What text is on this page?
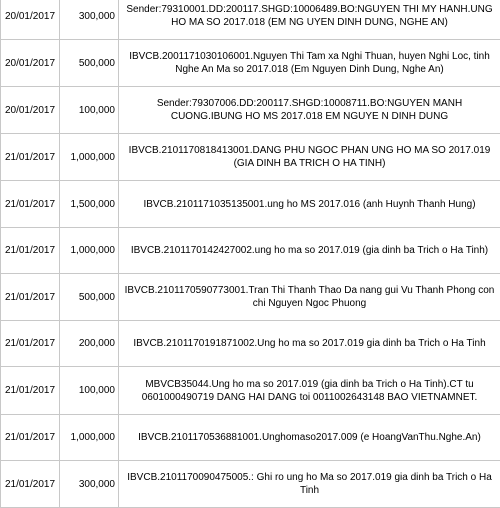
20/01/2017	300,000	Sender:79310001.DD:200117.SHGD:10006489.BO:NGUYEN THI MY HANH.UNG HO MA SO 2017.018 (EM NG UYEN DINH DUNG, NGHE AN)
20/01/2017	500,000	IBVCB.2001171030106001.Nguyen Thi Tam xa Nghi Thuan, huyen Nghi Loc, tinh Nghe An Ma so 2017.018 (Em Nguyen Dinh Dung, Nghe An)
20/01/2017	100,000	Sender:79307006.DD:200117.SHGD:10008711.BO:NGUYEN MANH CUONG.IBUNG HO MS 2017.018 EM NGUYE N DINH DUNG
21/01/2017	1,000,000	IBVCB.2101170818413001.DANG PHU NGOC PHAN UNG HO MA SO 2017.019 (GIA DINH BA TRICH O HA TINH)
21/01/2017	1,500,000	IBVCB.2101171035135001.ung ho MS 2017.016 (anh Huynh Thanh Hung)
21/01/2017	1,000,000	IBVCB.2101170142427002.ung ho ma so 2017.019 (gia dinh ba Trich o Ha Tinh)
21/01/2017	500,000	IBVCB.2101170590773001.Tran Thi Thanh Thao Da nang gui Vu Thanh Phong con chi Nguyen Ngoc Phuong
21/01/2017	200,000	IBVCB.2101170191871002.Ung ho ma so 2017.019 gia dinh ba Trich o Ha Tinh
21/01/2017	100,000	MBVCB35044.Ung ho ma so 2017.019 (gia dinh ba Trich o Ha Tinh).CT tu 0601000490719 DANG HAI DANG toi 0011002643148 BAO VIETNAMNET.
21/01/2017	1,000,000	IBVCB.2101170536881001.Unghomaso2017.009 (e HoangVanThu.Nghe.An)
21/01/2017	300,000	IBVCB.2101170090475005.: Ghi ro ung ho Ma so 2017.019 gia dinh ba Trich o Ha Tinh
